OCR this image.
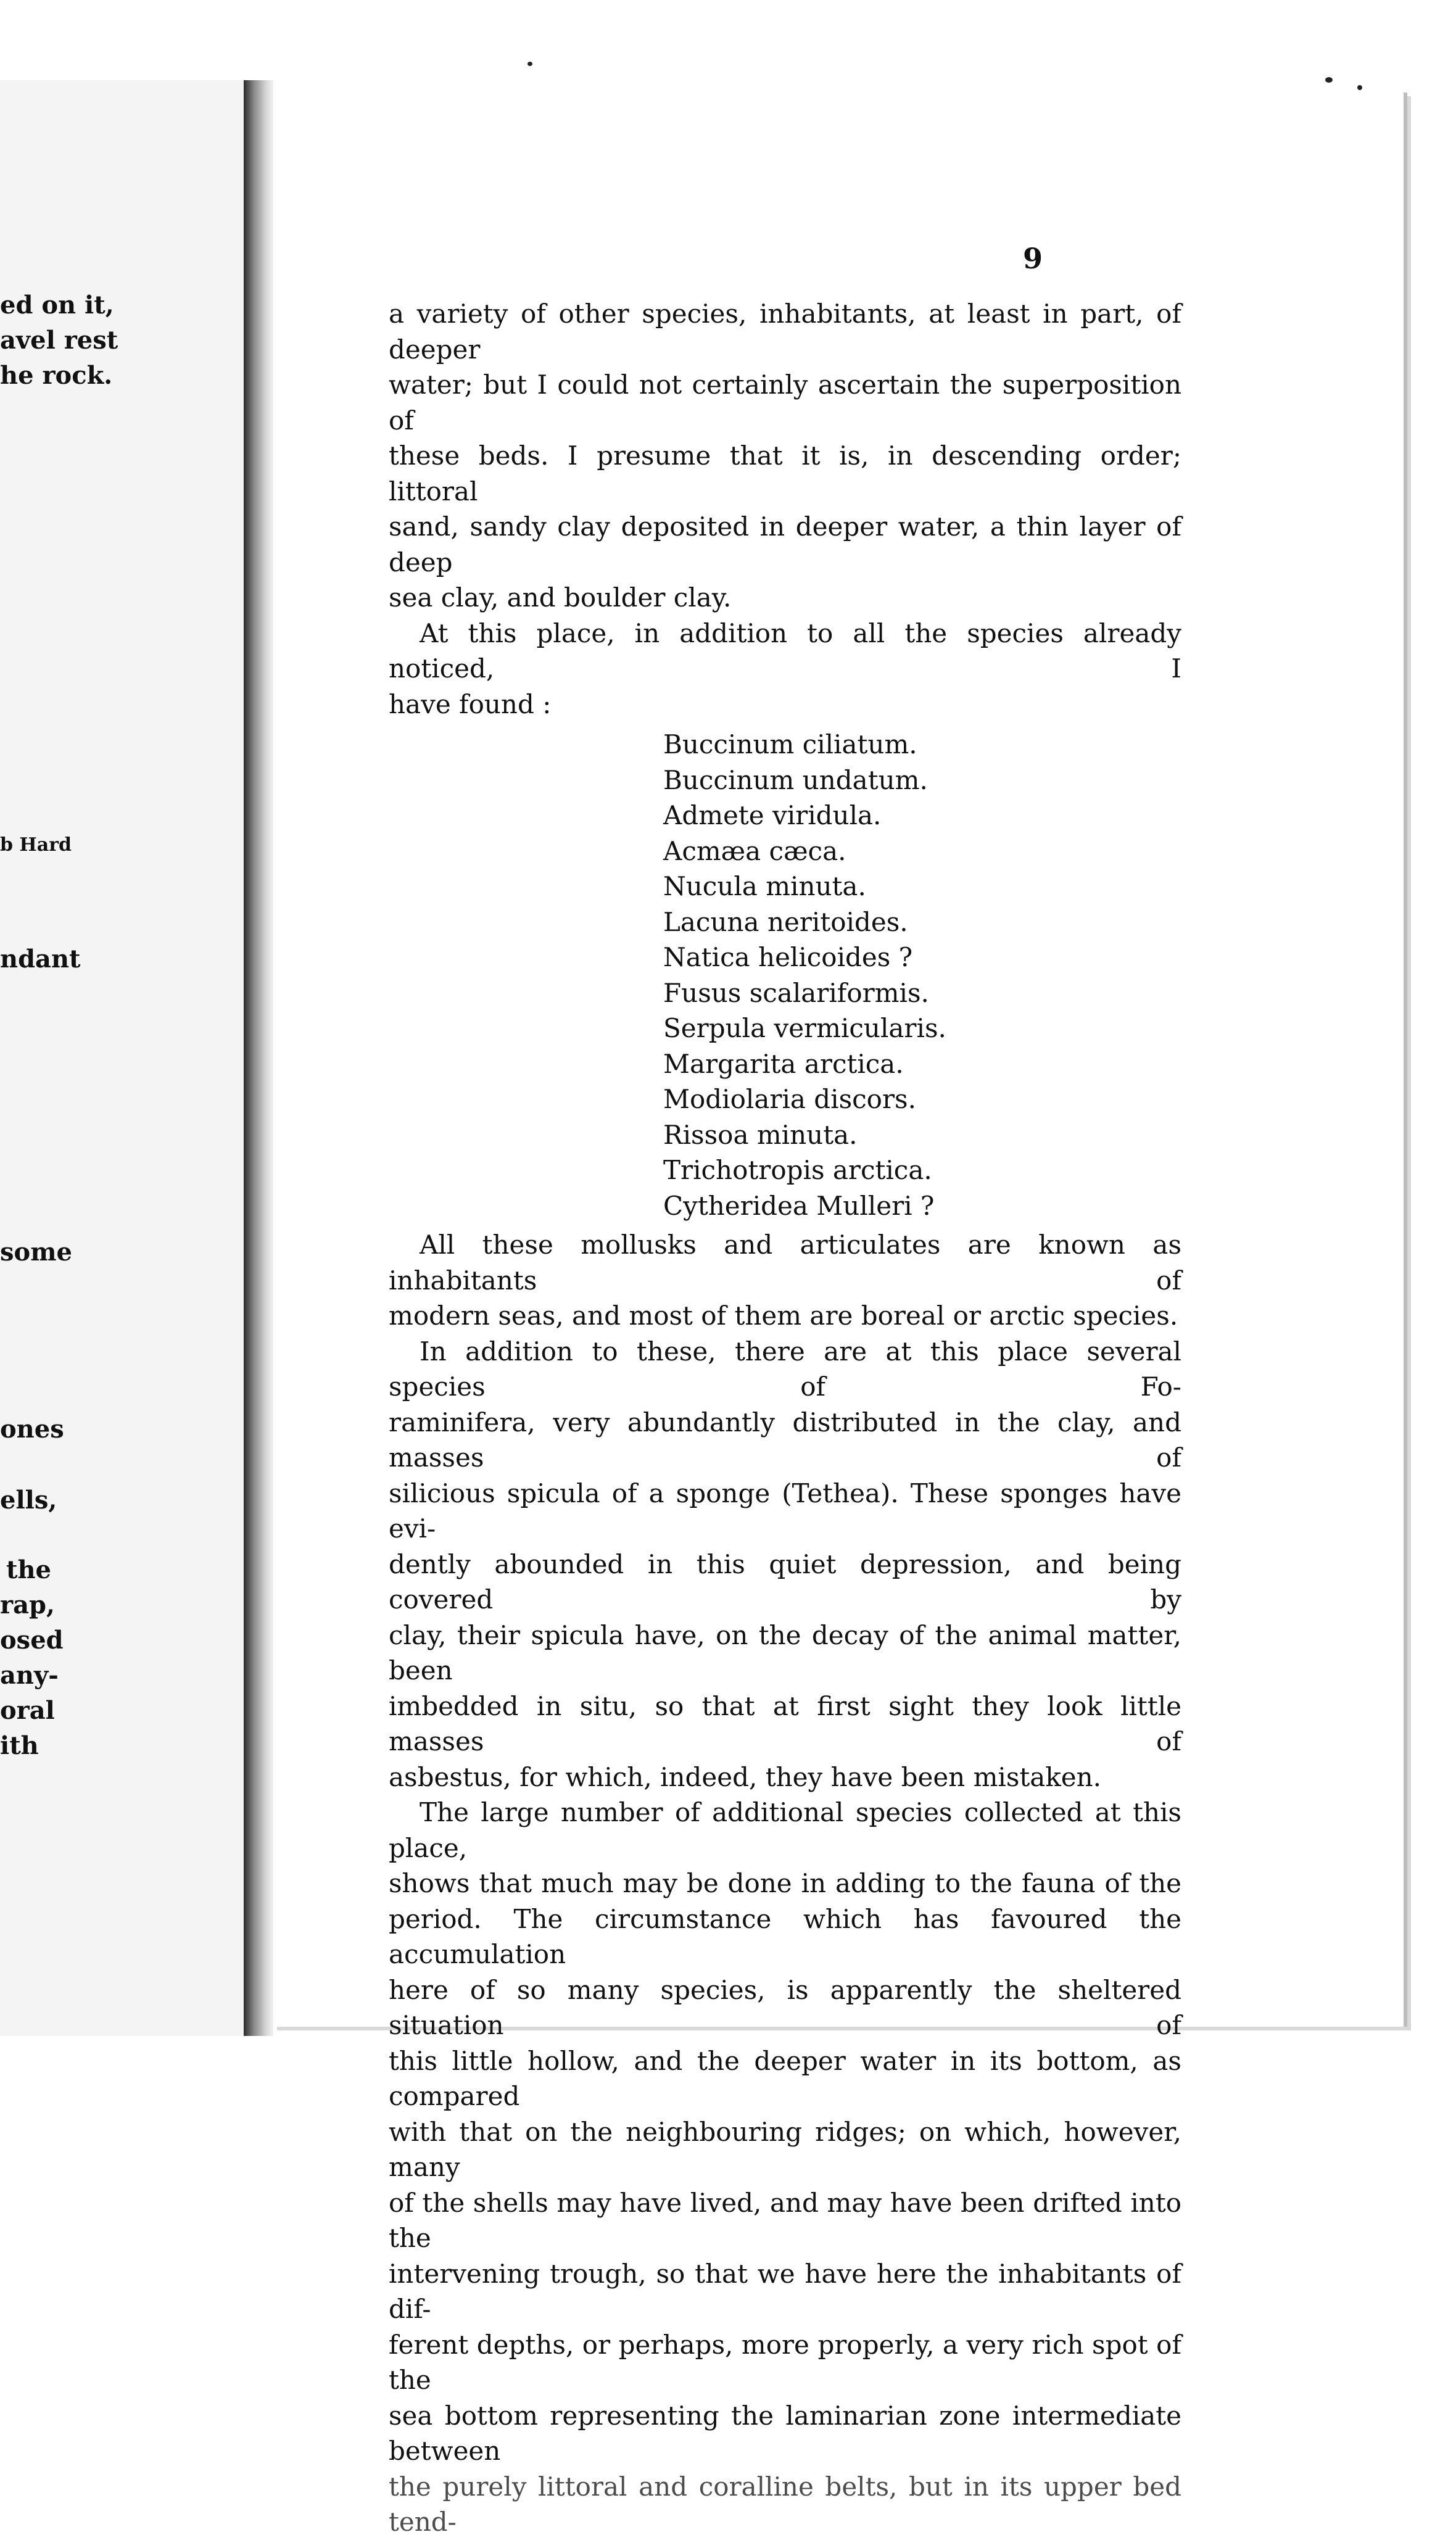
ed on it,
avel rest
he rock.
b Hard
ndant
some
ones
ells,
the
rap,
osed
any-
oral
ith
9

a variety of other species, inhabitants, at least in part, of deeper

water; but I could not certainly ascertain the superposition of

these beds. I presume that it is, in descending order; littoral

sand, sandy clay deposited in deeper water, a thin layer of deep

sea clay, and boulder clay.

At this place, in addition to all the species already noticed, I

have found :

Buccinum ciliatum.
Buccinum undatum.
Admete viridula.
Acmæa cæca.
Nucula minuta.
Lacuna neritoides.
Natica helicoides ?
Fusus scalariformis.
Serpula vermicularis.
Margarita arctica.
Modiolaria discors.
Rissoa minuta.
Trichotropis arctica.
Cytheridea Mulleri ?

All these mollusks and articulates are known as inhabitants of

modern seas, and most of them are boreal or arctic species.

In addition to these, there are at this place several species of Fo-

raminifera, very abundantly distributed in the clay, and masses of

silicious spicula of a sponge (Tethea). These sponges have evi-

dently abounded in this quiet depression, and being covered by

clay, their spicula have, on the decay of the animal matter, been

imbedded in situ, so that at first sight they look little masses of

asbestus, for which, indeed, they have been mistaken.

The large number of additional species collected at this place,

shows that much may be done in adding to the fauna of the

period. The circumstance which has favoured the accumulation

here of so many species, is apparently the sheltered situation of

this little hollow, and the deeper water in its bottom, as compared

with that on the neighbouring ridges; on which, however, many

of the shells may have lived, and may have been drifted into the

intervening trough, so that we have here the inhabitants of dif-

ferent depths, or perhaps, more properly, a very rich spot of the

sea bottom representing the laminarian zone intermediate between

the purely littoral and coralline belts, but in its upper bed tend-
